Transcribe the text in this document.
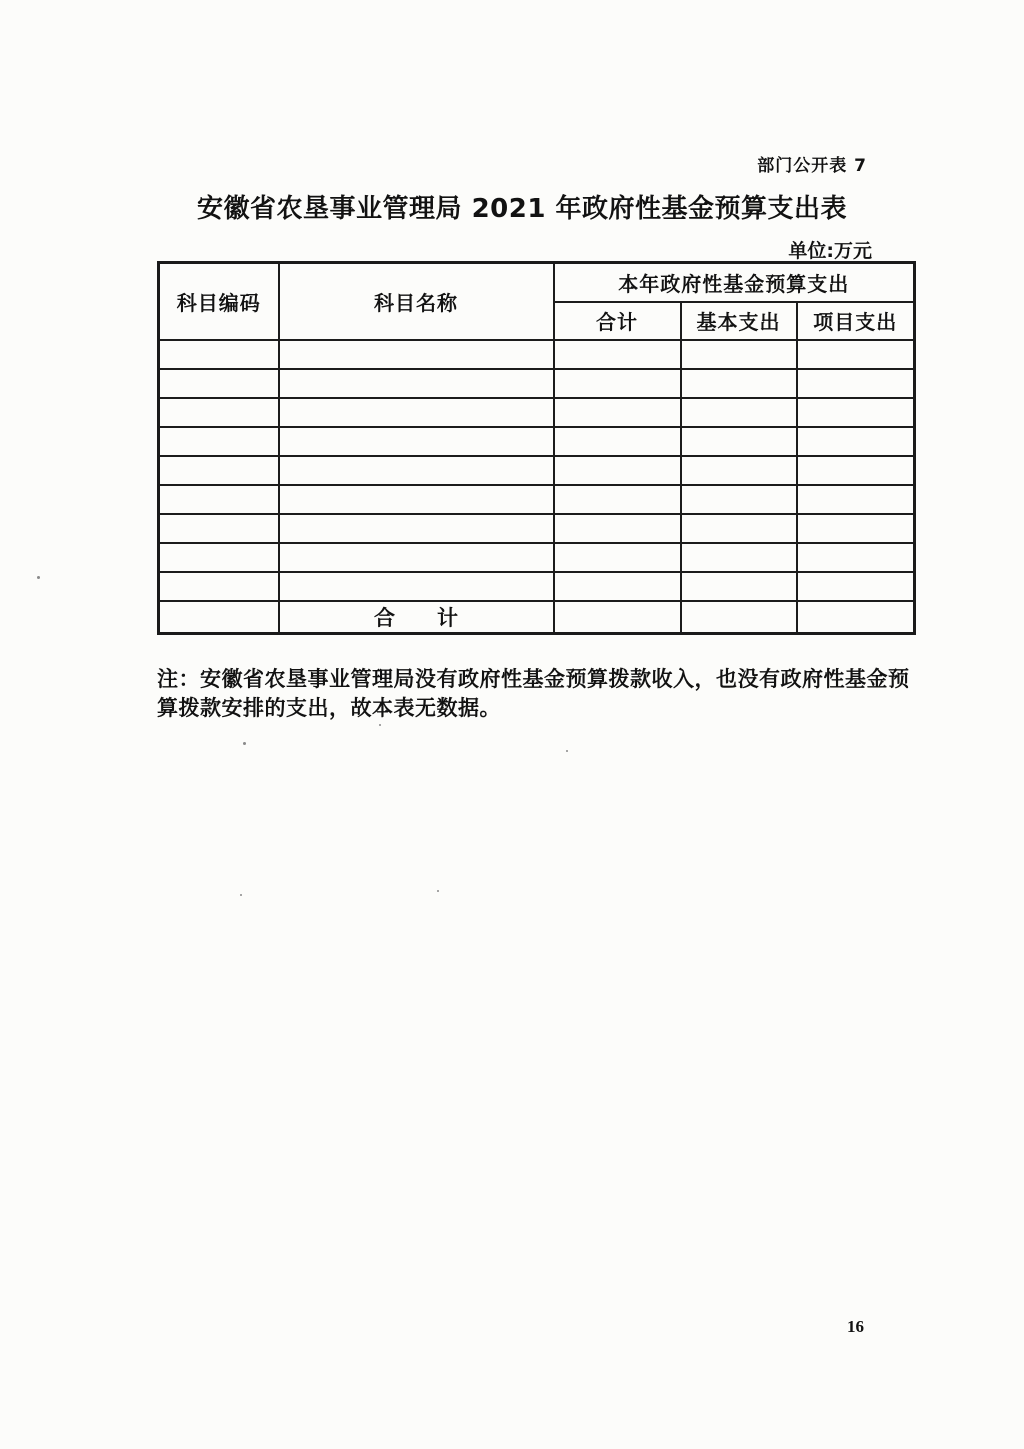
部门公开表 7
安徽省农垦事业管理局 2021 年政府性基金预算支出表
单位:万元
科目编码	科目名称	本年政府性基金预算支出		
		合计	基本支出	项目支出

	合　　计			
注：安徽省农垦事业管理局没有政府性基金预算拨款收入，也没有政府性基金预
算拨款安排的支出，故本表无数据。
16
